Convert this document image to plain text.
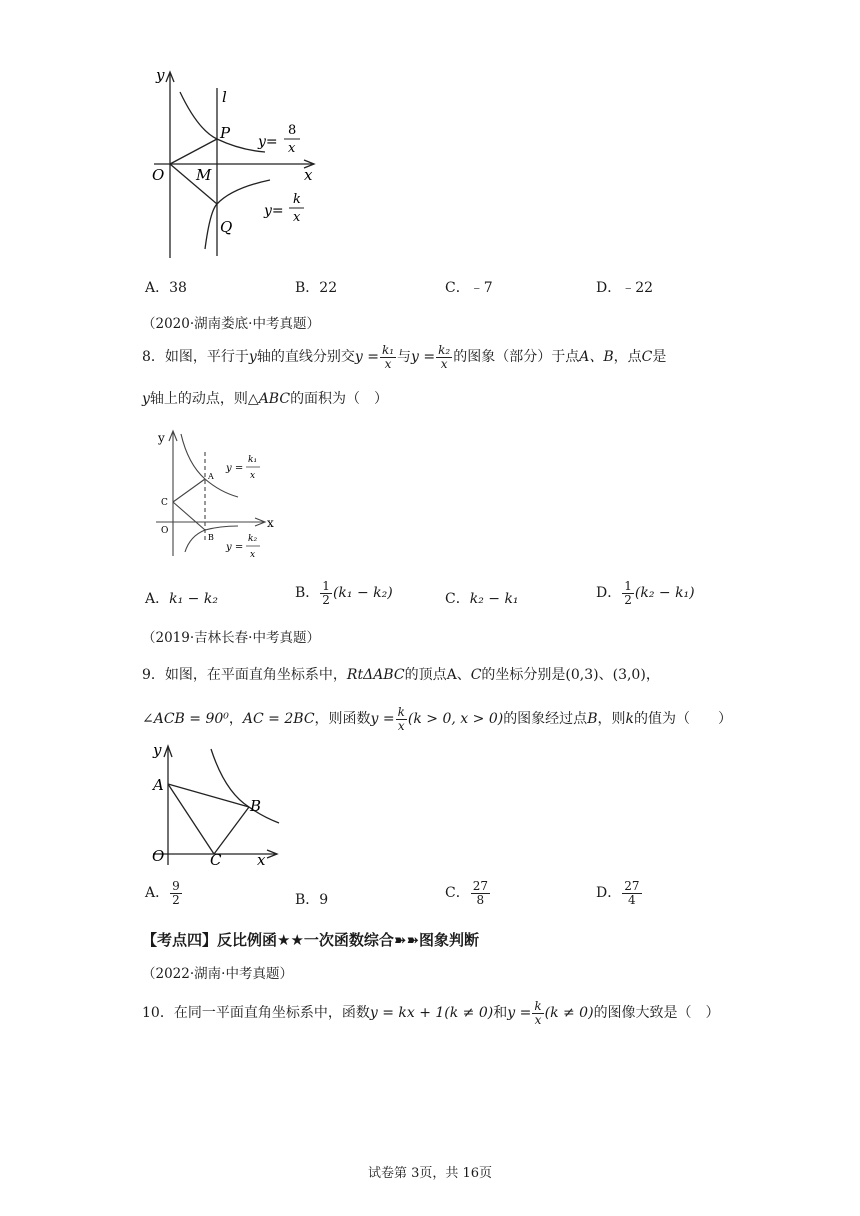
y
l
P
O M	x
Q
y=
8
x
y=
k
x
A．38	B．22	C．﹣7	D．﹣22
（2020·湖南娄底·中考真题）
8．如图，平行于y轴的直线分别交$y = \frac{\text{k₁}}{x}$ 与$y = \frac{\text{k₂}}{x}$ 的图象（部分）于点A、B，点C是
y轴上的动点，则△ABC的面积为（　）
y
x
C
O
A
B
y =
k₁
x
y =
k₂
x
A．k₁ − k₂	B． $\frac{1}{2} (k_1 - k_2)$	C．k₂ − k₁	D． $\frac{1}{2} (k_2 - k_1)$
（2019·吉林长春·中考真题）
9．如图，在平面直角坐标系中，RtΔABC的顶点A、C的坐标分别是(0,3)、(3,0)，
∠ACB = 90⁰，AC = 2BC，则函数$y = \frac{k}{x} (k > 0$, x > 0)的图象经过点B，则k的值为（　　）
y
A
B
O	C x
A． $\frac{9}{2}$	B．9	C． $\frac{27}{8}$	D． $\frac{27}{4}$
【考点四】反比例函★★一次函数综合➽➽图象判断
（2022·湖南·中考真题）
10．在同一平面直角坐标系中，函数y = kx + 1(k ≠ 0)和$y = \frac{k}{x} (k \ne 0)$的图像大致是（　）
试卷第 3页，共 16页
